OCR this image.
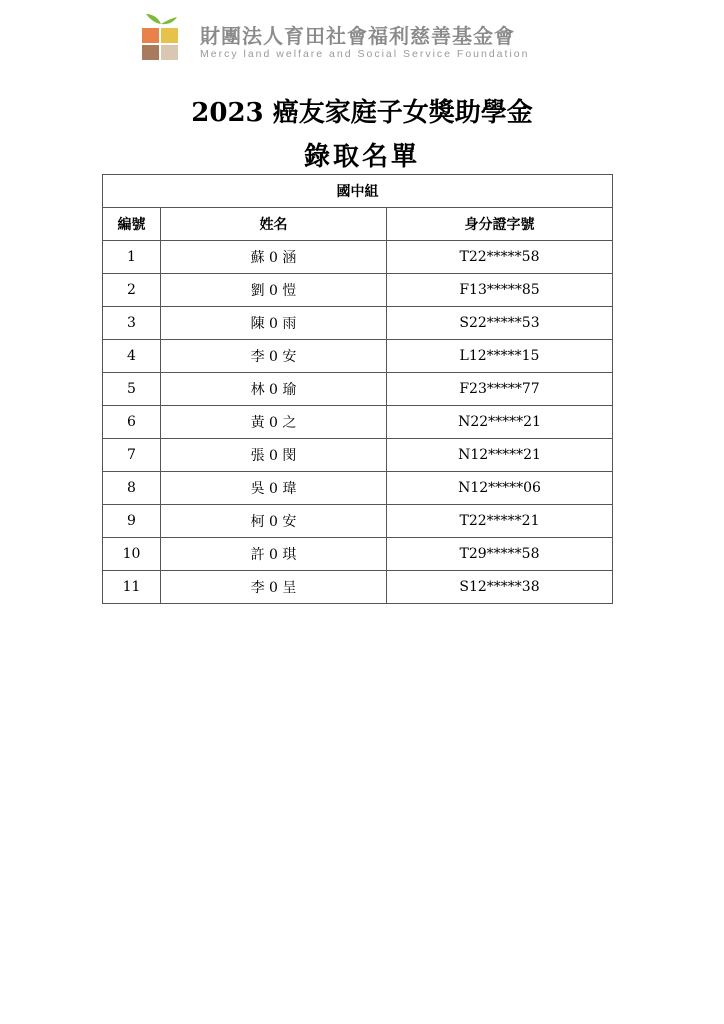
財團法人育田社會福利慈善基金會
Mercy land welfare and Social Service Foundation
2023 癌友家庭子女獎助學金
錄取名單
國中組		
編號	姓名	身分證字號
1	蘇 0 涵	T22*****58
2	劉 0 愷	F13*****85
3	陳 0 雨	S22*****53
4	李 0 安	L12*****15
5	林 0 瑜	F23*****77
6	黃 0 之	N22*****21
7	張 0 閔	N12*****21
8	吳 0 瑋	N12*****06
9	柯 0 安	T22*****21
10	許 0 琪	T29*****58
11	李 0 呈	S12*****38
